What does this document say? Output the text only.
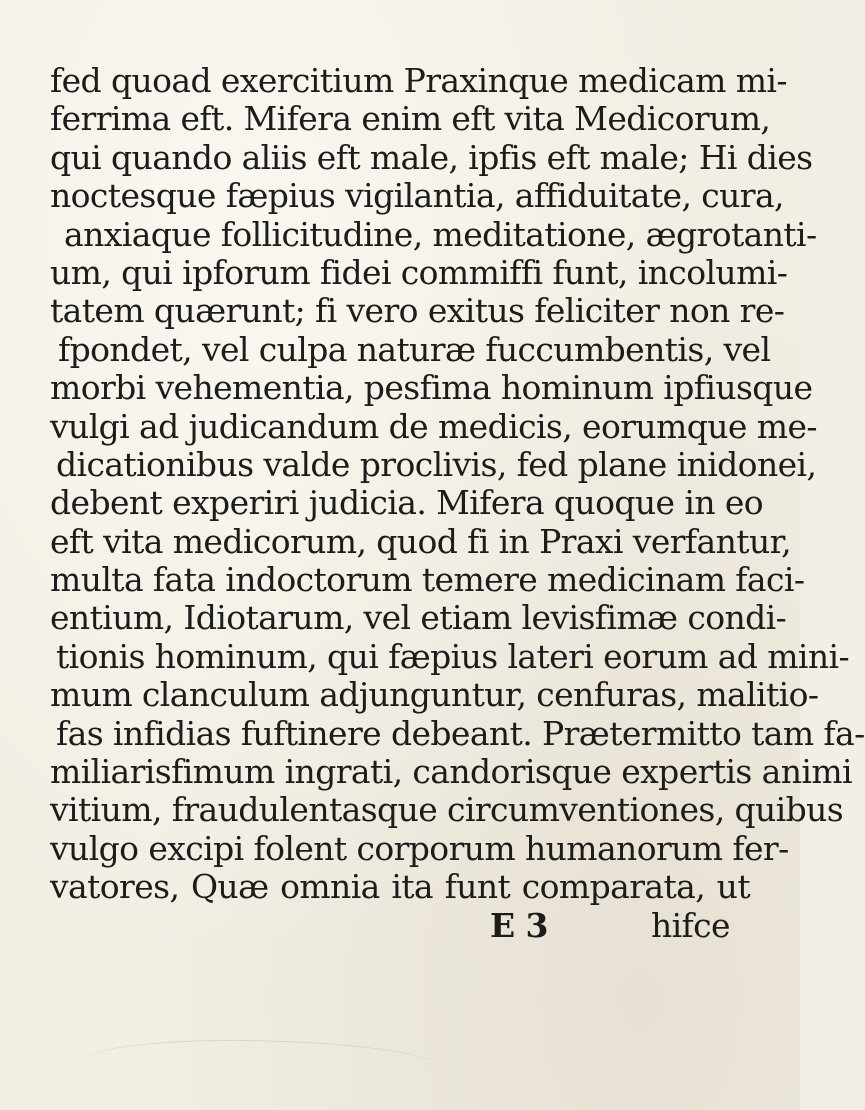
fed quoad exercitium Praxinque medicam mi-
ferrima eft. Mifera enim eft vita Medicorum,
qui quando aliis eft male, ipfis eft male; Hi dies
noctesque fæpius vigilantia, affiduitate, cura,
anxiaque follicitudine, meditatione, ægrotanti-
um, qui ipforum fidei commiffi funt, incolumi-
tatem quærunt; fi vero exitus feliciter non re-
fpondet, vel culpa naturæ fuccumbentis, vel
morbi vehementia, pesfima hominum ipfiusque
vulgi ad judicandum de medicis, eorumque me-
dicationibus valde proclivis, fed plane inidonei,
debent experiri judicia. Mifera quoque in eo
eft vita medicorum, quod fi in Praxi verfantur,
multa fata indoctorum temere medicinam faci-
entium, Idiotarum, vel etiam levisfimæ condi-
tionis hominum, qui fæpius lateri eorum ad mini-
mum clanculum adjunguntur, cenfuras, malitio-
fas infidias fuftinere debeant. Prætermitto tam fa-
miliarisfimum ingrati, candorisque expertis animi
vitium, fraudulentasque circumventiones, quibus
vulgo excipi folent corporum humanorum fer-
vatores, Quæ omnia ita funt comparata, ut
E 3	hifce
